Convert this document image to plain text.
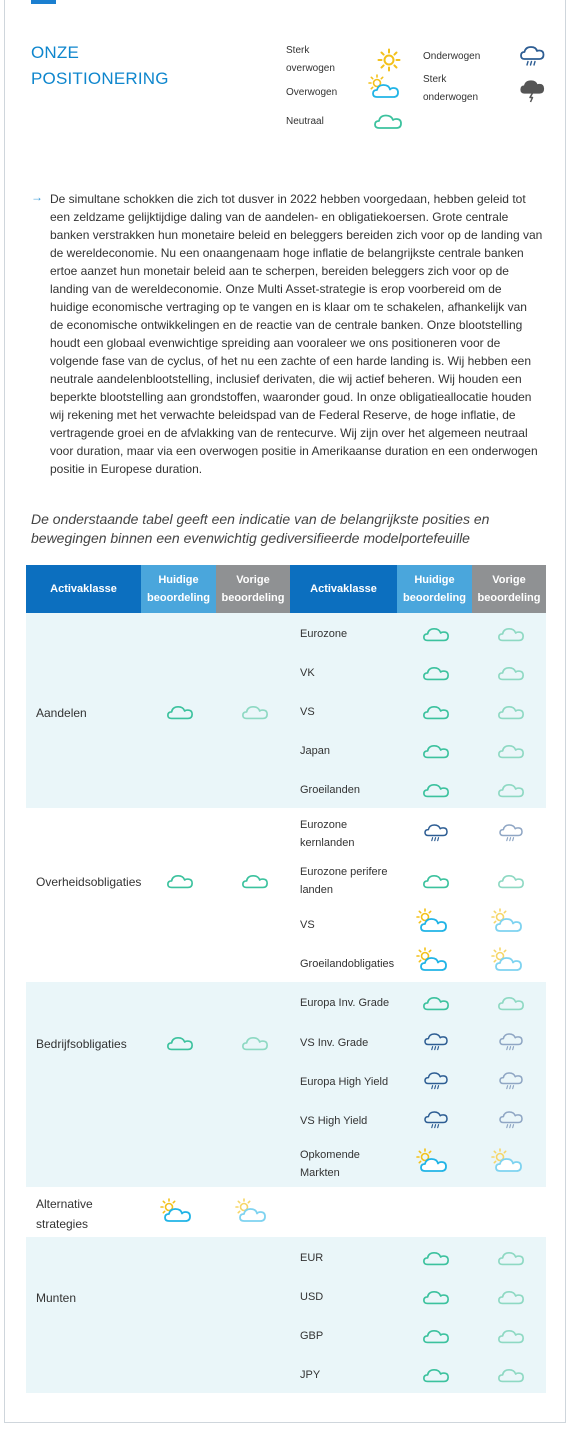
ONZE
POSITIONERING
Sterk
overwogen
Overwogen
Neutraal
Onderwogen
Sterk
onderwogen
→ De simultane schokken die zich tot dusver in 2022 hebben voorgedaan, hebben geleid tot een zeldzame gelijktijdige daling van de aandelen- en obligatiekoersen. Grote centrale banken verstrakken hun monetaire beleid en beleggers bereiden zich voor op de landing van de wereldeconomie. Nu een onaangenaam hoge inflatie de belangrijkste centrale banken ertoe aanzet hun monetair beleid aan te scherpen, bereiden beleggers zich voor op de landing van de wereldeconomie. Onze Multi Asset-strategie is erop voorbereid om de huidige economische vertraging op te vangen en is klaar om te schakelen, afhankelijk van de economische ontwikkelingen en de reactie van de centrale banken. Onze blootstelling houdt een globaal evenwichtige spreiding aan vooraleer we ons positioneren voor de volgende fase van de cyclus, of het nu een zachte of een harde landing is. Wij hebben een neutrale aandelenblootstelling, inclusief derivaten, die wij actief beheren. Wij houden een beperkte blootstelling aan grondstoffen, waaronder goud. In onze obligatieallocatie houden wij rekening met het verwachte beleidspad van de Federal Reserve, de hoge inflatie, de vertragende groei en de afvlakking van de rentecurve. Wij zijn over het algemeen neutraal voor duration, maar via een overwogen positie in Amerikaanse duration en een onderwogen positie in Europese duration.
De onderstaande tabel geeft een indicatie van de belangrijkste posities en bewegingen binnen een evenwichtig gediversifieerde modelportefeuille
Activaklasse
Huidige
beoordeling
Vorige
beoordeling
Activaklasse
Huidige
beoordeling
Vorige
beoordeling
Aandelen
Overheidsobligaties
Bedrijfsobligaties
Alternative
strategies
Munten
Eurozone
VK
VS
Japan
Groeilanden
Eurozone
kernlanden
Eurozone perifere
landen
VS
Groeilandobligaties
Europa Inv. Grade
VS Inv. Grade
Europa High Yield
VS High Yield
Opkomende
Markten
EUR
USD
GBP
JPY
